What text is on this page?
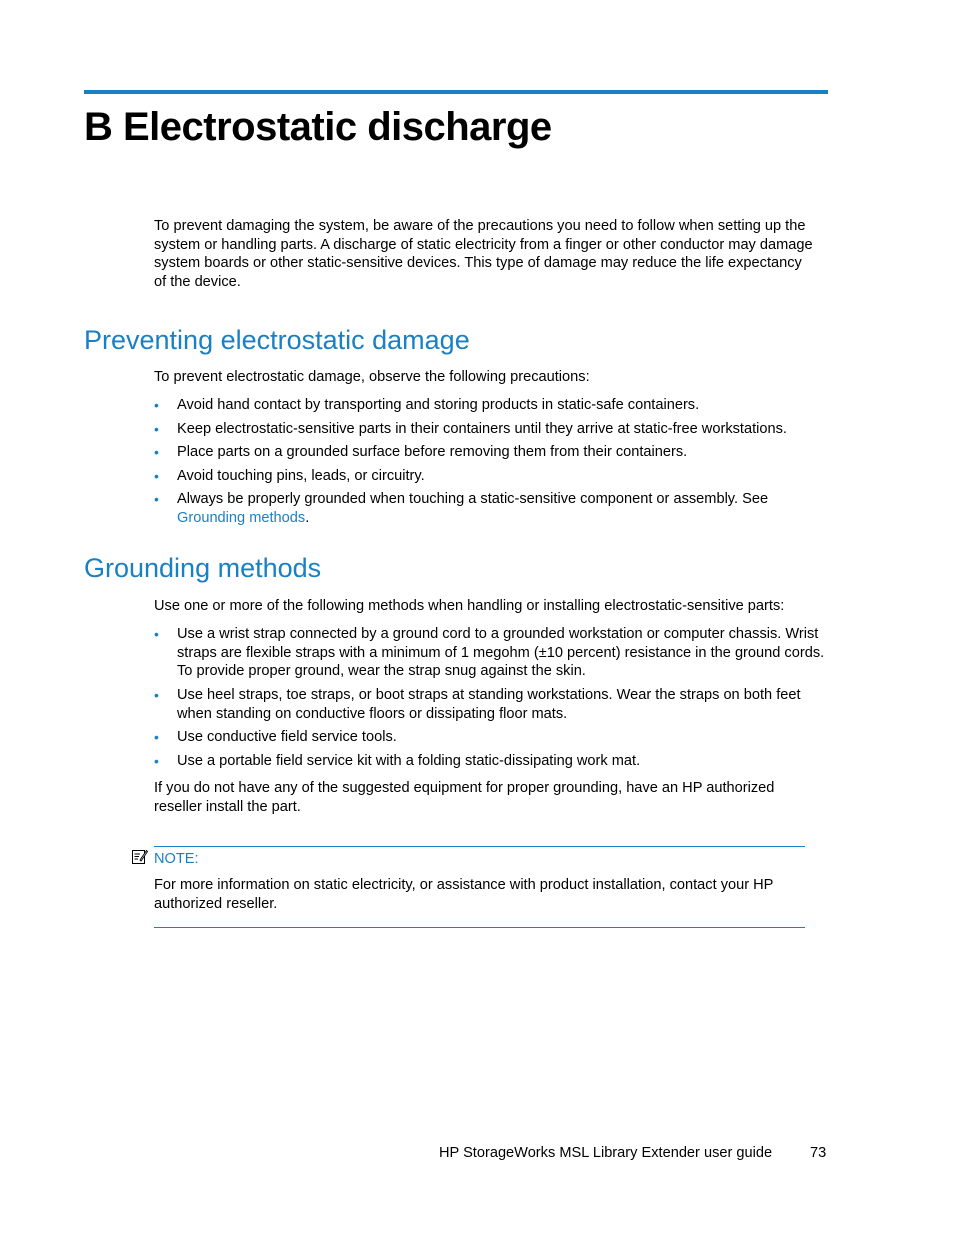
B Electrostatic discharge

To prevent damaging the system, be aware of the precautions you need to follow when setting up the system or handling parts. A discharge of static electricity from a finger or other conductor may damage system boards or other static-sensitive devices. This type of damage may reduce the life expectancy of the device.

Preventing electrostatic damage

To prevent electrostatic damage, observe the following precautions:

• Avoid hand contact by transporting and storing products in static-safe containers.
• Keep electrostatic-sensitive parts in their containers until they arrive at static-free workstations.
• Place parts on a grounded surface before removing them from their containers.
• Avoid touching pins, leads, or circuitry.
• Always be properly grounded when touching a static-sensitive component or assembly. See Grounding methods.
Grounding methods

Use one or more of the following methods when handling or installing electrostatic-sensitive parts:

• Use a wrist strap connected by a ground cord to a grounded workstation or computer chassis. Wrist straps are flexible straps with a minimum of 1 megohm (±10 percent) resistance in the ground cords. To provide proper ground, wear the strap snug against the skin.
• Use heel straps, toe straps, or boot straps at standing workstations. Wear the straps on both feet when standing on conductive floors or dissipating floor mats.
• Use conductive field service tools.
• Use a portable field service kit with a folding static-dissipating work mat.

If you do not have any of the suggested equipment for proper grounding, have an HP authorized reseller install the part.

NOTE:

For more information on static electricity, or assistance with product installation, contact your HP authorized reseller.

HP StorageWorks MSL Library Extender user guide	73
